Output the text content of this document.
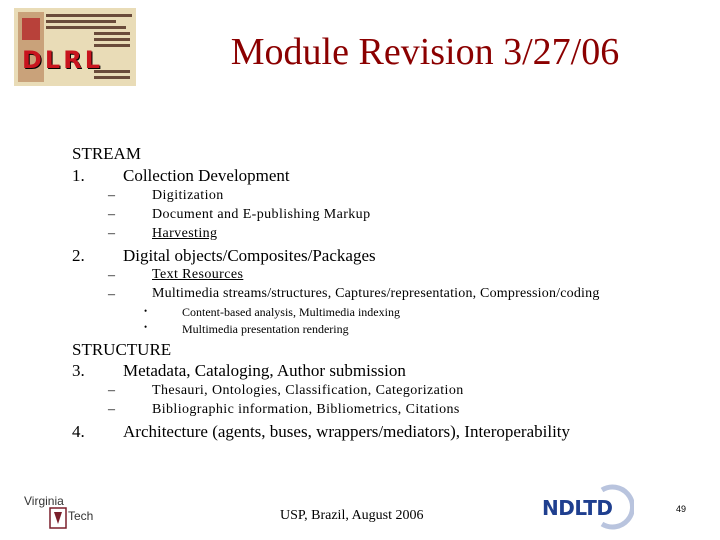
DLRL	Module Revision 3/27/06
STREAM
1. Collection Development
–	Digitization
–	Document and E-publishing Markup
–	Harvesting
2. Digital objects/Composites/Packages
–	Text Resources
–	Multimedia streams/structures, Captures/representation, Compression/coding
•	Content-based analysis, Multimedia indexing
•	Multimedia presentation rendering
STRUCTURE
3. Metadata, Cataloging, Author submission
–	Thesauri, Ontologies, Classification, Categorization
–	Bibliographic information, Bibliometrics, Citations
4. Architecture (agents, buses, wrappers/mediators), Interoperability
Virginia
Tech	USP, Brazil, August 2006	NDLTD	49
